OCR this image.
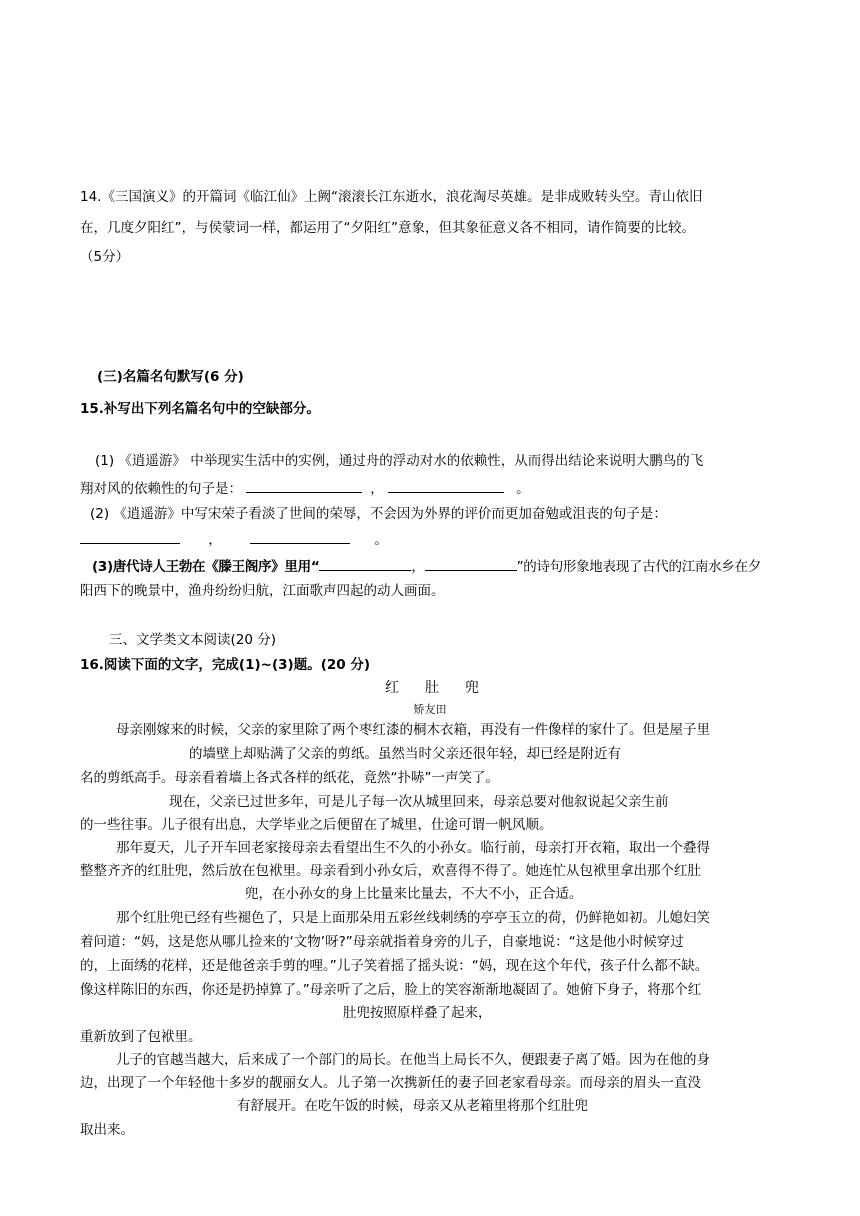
14.《三国演义》的开篇词《临江仙》上阙“滚滚长江东逝水，浪花淘尽英雄。是非成败转头空。青山依旧
在，几度夕阳红”，与侯蒙词一样，都运用了“夕阳红”意象，但其象征意义各不相同，请作简要的比较。
（5分）
(三)名篇名句默写(6 分)
15.补写出下列名篇名句中的空缺部分。
(1) 《逍遥游》 中举现实生活中的实例，通过舟的浮动对水的依赖性，从而得出结论来说明大鹏鸟的飞
翔对风的依赖性的句子是：	，	。
(2) 《逍遥游》中写宋荣子看淡了世间的荣辱，不会因为外界的评价而更加奋勉或沮丧的句子是：
，	。
(3)唐代诗人王勃在《滕王阁序》里用“	，	”的诗句形象地表现了古代的江南水乡在夕
阳西下的晚景中，渔舟纷纷归航，江面歌声四起的动人画面。
三、文学类文本阅读(20 分)
16.阅读下面的文字，完成(1)~(3)题。(20 分)
红肚兜
矫友田
母亲刚嫁来的时候，父亲的家里除了两个枣红漆的桐木衣箱，再没有一件像样的家什了。但是屋子里
的墙壁上却贴满了父亲的剪纸。虽然当时父亲还很年轻，却已经是附近有
名的剪纸高手。母亲看着墙上各式各样的纸花，竟然“扑哧”一声笑了。
现在，父亲已过世多年，可是儿子每一次从城里回来，母亲总要对他叙说起父亲生前
的一些往事。儿子很有出息，大学毕业之后便留在了城里，仕途可谓一帆风顺。
那年夏天，儿子开车回老家接母亲去看望出生不久的小孙女。临行前，母亲打开衣箱，取出一个叠得
整整齐齐的红肚兜，然后放在包袱里。母亲看到小孙女后，欢喜得不得了。她连忙从包袱里拿出那个红肚
兜，在小孙女的身上比量来比量去，不大不小，正合适。
那个红肚兜已经有些褪色了，只是上面那朵用五彩丝线刺绣的亭亭玉立的荷，仍鲜艳如初。儿媳妇笑
着问道：“妈，这是您从哪儿捡来的‘文物’呀?”母亲就指着身旁的儿子，自豪地说：“这是他小时候穿过
的，上面绣的花样，还是他爸亲手剪的哩。”儿子笑着摇了摇头说：“妈，现在这个年代，孩子什么都不缺。
像这样陈旧的东西，你还是扔掉算了。”母亲听了之后，脸上的笑容渐渐地凝固了。她俯下身子，将那个红
肚兜按照原样叠了起来，
重新放到了包袱里。
儿子的官越当越大，后来成了一个部门的局长。在他当上局长不久，便跟妻子离了婚。因为在他的身
边，出现了一个年轻他十多岁的靓丽女人。儿子第一次携新任的妻子回老家看母亲。而母亲的眉头一直没
有舒展开。在吃午饭的时候，母亲又从老箱里将那个红肚兜
取出来。
